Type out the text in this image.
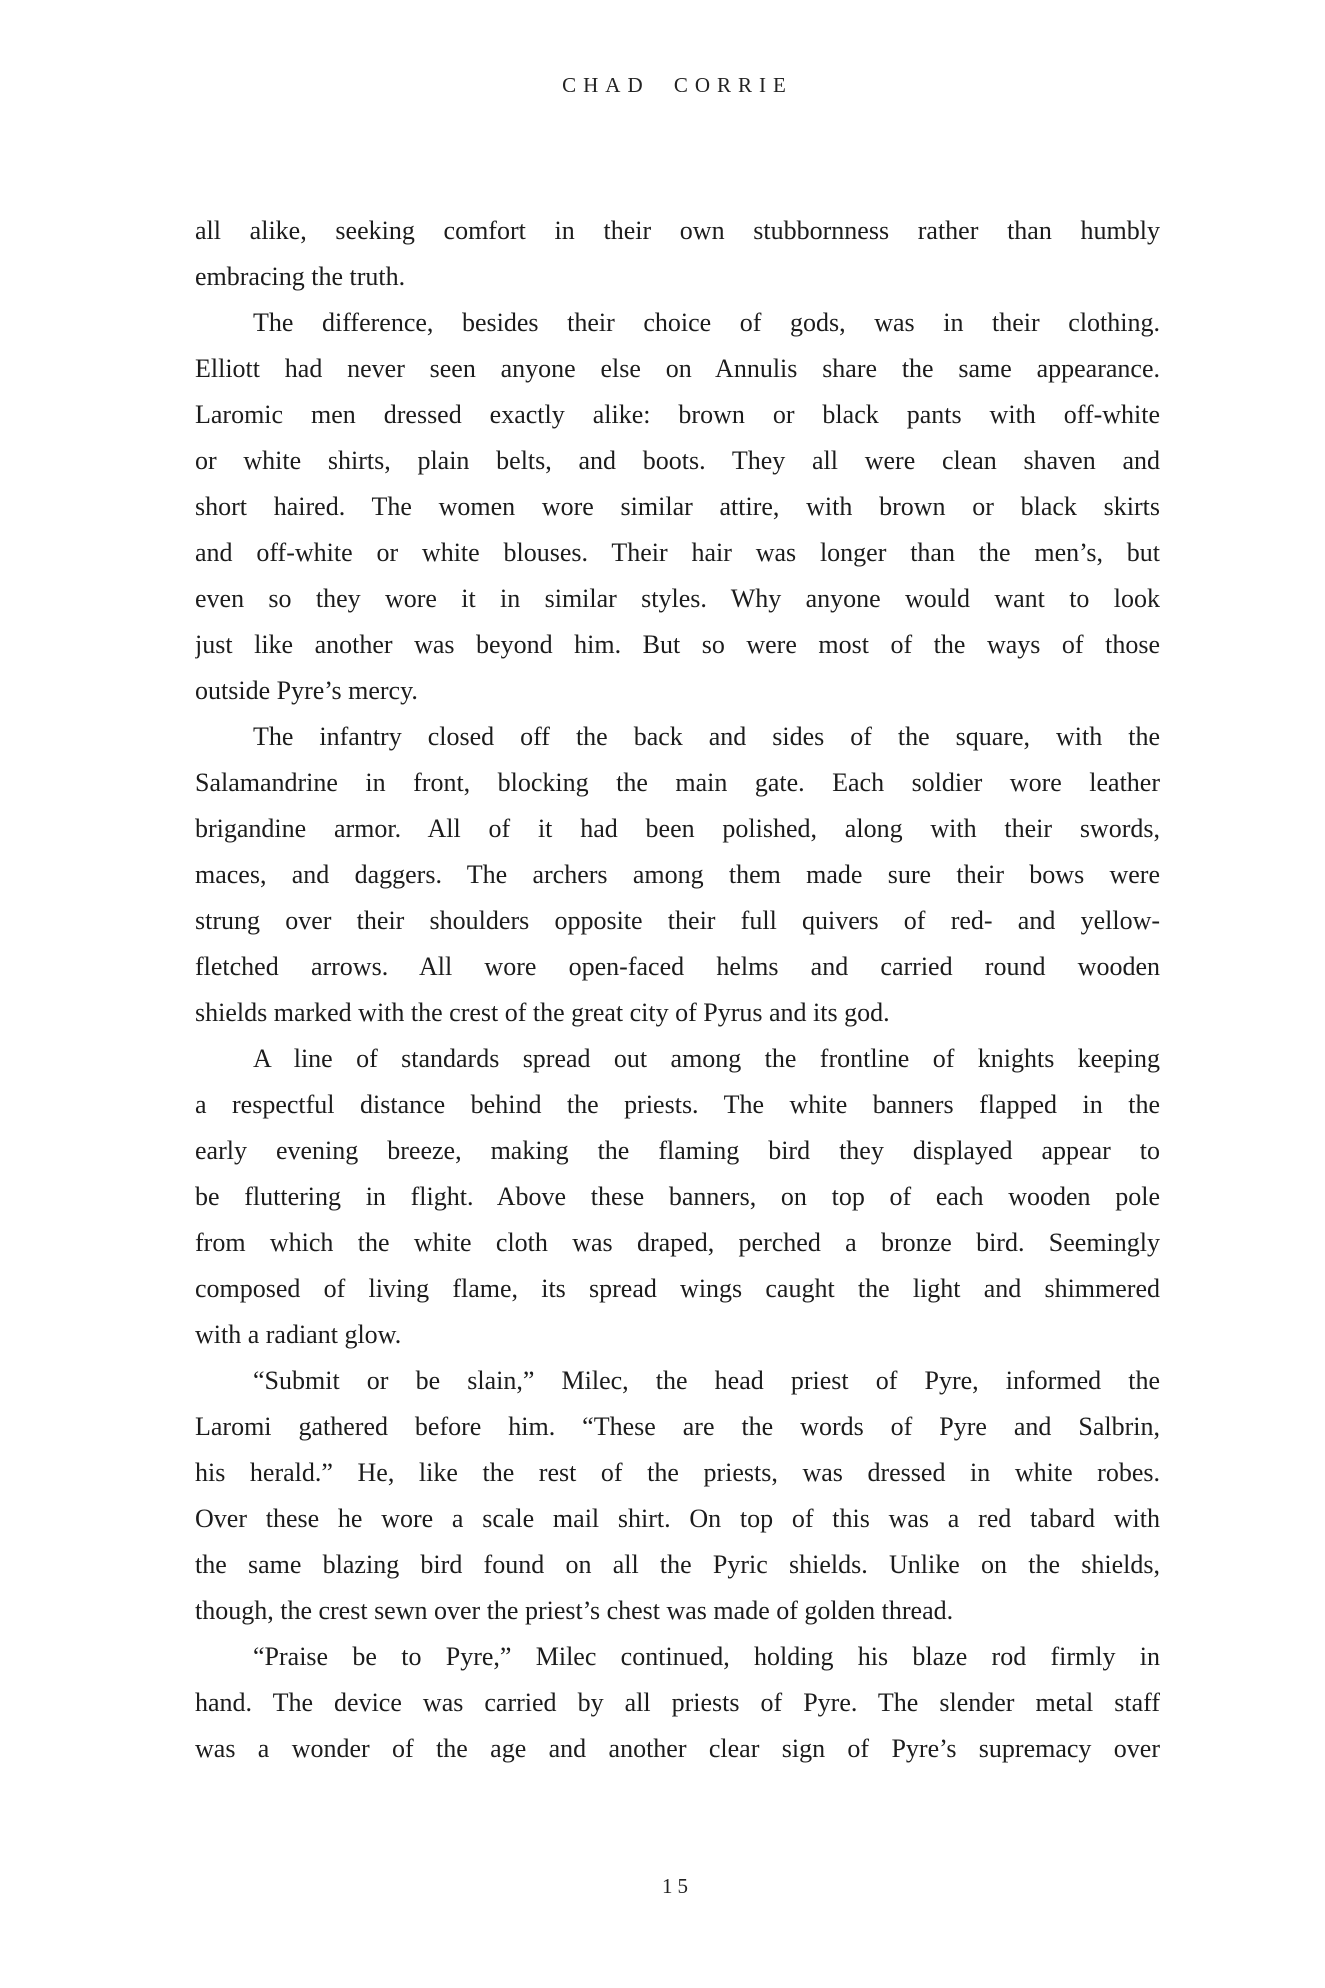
CHAD CORRIE
all alike, seeking comfort in their own stubbornness rather than humbly
embracing the truth.
The difference, besides their choice of gods, was in their clothing.
Elliott had never seen anyone else on Annulis share the same appearance.
Laromic men dressed exactly alike: brown or black pants with off-white
or white shirts, plain belts, and boots. They all were clean shaven and
short haired. The women wore similar attire, with brown or black skirts
and off-white or white blouses. Their hair was longer than the men’s, but
even so they wore it in similar styles. Why anyone would want to look
just like another was beyond him. But so were most of the ways of those
outside Pyre’s mercy.
The infantry closed off the back and sides of the square, with the
Salamandrine in front, blocking the main gate. Each soldier wore leather
brigandine armor. All of it had been polished, along with their swords,
maces, and daggers. The archers among them made sure their bows were
strung over their shoulders opposite their full quivers of red- and yellow-
fletched arrows. All wore open-faced helms and carried round wooden
shields marked with the crest of the great city of Pyrus and its god.
A line of standards spread out among the frontline of knights keeping
a respectful distance behind the priests. The white banners flapped in the
early evening breeze, making the flaming bird they displayed appear to
be fluttering in flight. Above these banners, on top of each wooden pole
from which the white cloth was draped, perched a bronze bird. Seemingly
composed of living flame, its spread wings caught the light and shimmered
with a radiant glow.
“Submit or be slain,” Milec, the head priest of Pyre, informed the
Laromi gathered before him. “These are the words of Pyre and Salbrin,
his herald.” He, like the rest of the priests, was dressed in white robes.
Over these he wore a scale mail shirt. On top of this was a red tabard with
the same blazing bird found on all the Pyric shields. Unlike on the shields,
though, the crest sewn over the priest’s chest was made of golden thread.
“Praise be to Pyre,” Milec continued, holding his blaze rod firmly in
hand. The device was carried by all priests of Pyre. The slender metal staff
was a wonder of the age and another clear sign of Pyre’s supremacy over
15
